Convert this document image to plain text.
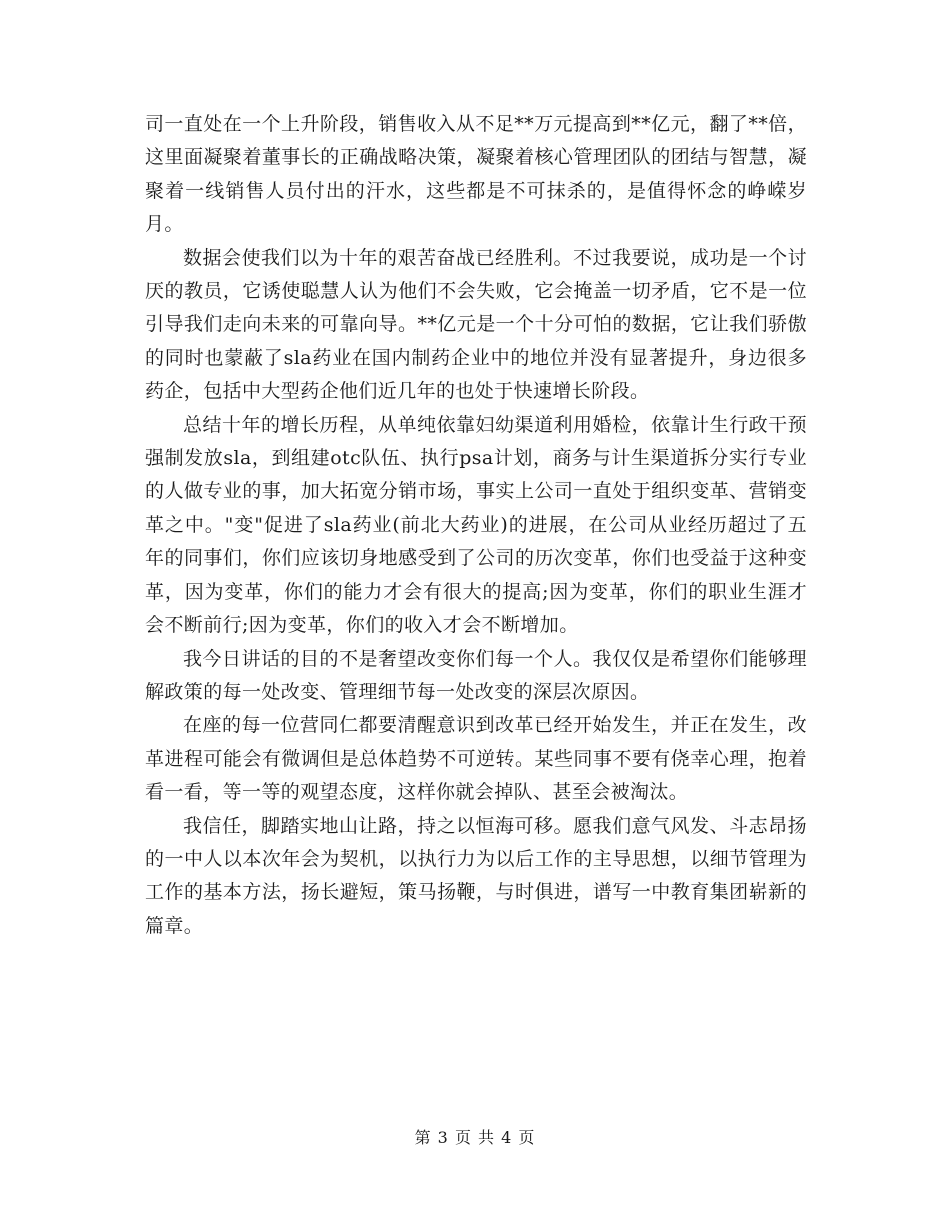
司一直处在一个上升阶段，销售收入从不足**万元提高到**亿元，翻了**倍，这里面凝聚着董事长的正确战略决策，凝聚着核心管理团队的团结与智慧，凝聚着一线销售人员付出的汗水，这些都是不可抹杀的，是值得怀念的峥嵘岁月。

数据会使我们以为十年的艰苦奋战已经胜利。不过我要说，成功是一个讨厌的教员，它诱使聪慧人认为他们不会失败，它会掩盖一切矛盾，它不是一位引导我们走向未来的可靠向导。**亿元是一个十分可怕的数据，它让我们骄傲的同时也蒙蔽了sla药业在国内制药企业中的地位并没有显著提升，身边很多药企，包括中大型药企他们近几年的也处于快速增长阶段。

总结十年的增长历程，从单纯依靠妇幼渠道利用婚检，依靠计生行政干预强制发放sla，到组建otc队伍、执行psa计划，商务与计生渠道拆分实行专业的人做专业的事，加大拓宽分销市场，事实上公司一直处于组织变革、营销变革之中。"变"促进了sla药业(前北大药业)的进展，在公司从业经历超过了五年的同事们，你们应该切身地感受到了公司的历次变革，你们也受益于这种变革，因为变革，你们的能力才会有很大的提高;因为变革，你们的职业生涯才会不断前行;因为变革，你们的收入才会不断增加。

我今日讲话的目的不是奢望改变你们每一个人。我仅仅是希望你们能够理解政策的每一处改变、管理细节每一处改变的深层次原因。

在座的每一位营同仁都要清醒意识到改革已经开始发生，并正在发生，改革进程可能会有微调但是总体趋势不可逆转。某些同事不要有侥幸心理，抱着看一看，等一等的观望态度，这样你就会掉队、甚至会被淘汰。

我信任，脚踏实地山让路，持之以恒海可移。愿我们意气风发、斗志昂扬的一中人以本次年会为契机，以执行力为以后工作的主导思想，以细节管理为工作的基本方法，扬长避短，策马扬鞭，与时俱进，谱写一中教育集团崭新的篇章。

第 3 页 共 4 页
